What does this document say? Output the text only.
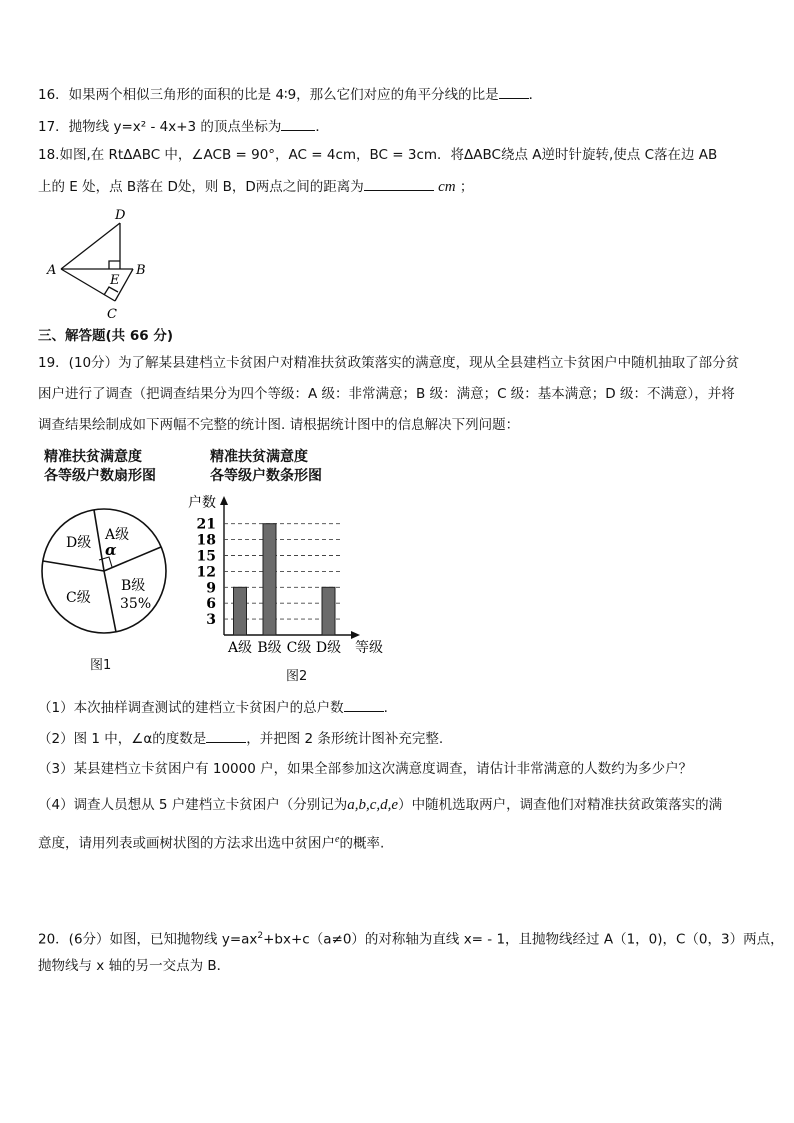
16．如果两个相似三角形的面积的比是 4∶9，那么它们对应的角平分线的比是 ．
17．抛物线 y=x² - 4x+3 的顶点坐标为	．
18.如图,在 RtΔABC 中，∠ACB = 90°，AC = 4cm，BC = 3cm．将ΔABC绕点 A逆时针旋转,使点 C落在边 AB
上的 E 处，点 B落在 D处，则 B，D两点之间的距离为	cm ；
D
A	B
E
C
三、解答题(共 66 分)
19．(10分）为了解某县建档立卡贫困户对精准扶贫政策落实的满意度，现从全县建档立卡贫困户中随机抽取了部分贫
困户进行了调查（把调查结果分为四个等级：A 级：非常满意；B 级：满意；C 级：基本满意；D 级：不满意），并将
调查结果绘制成如下两幅不完整的统计图. 请根据统计图中的信息解决下列问题：
精准扶贫满意度
各等级户数扇形图
精准扶贫满意度
各等级户数条形图
A级
α
B级
35%
C级
D级
图1
户数
3
6
9
12
15
18
21
A级 B级 C级 D级 等级
图2
（1）本次抽样调查测试的建档立卡贫困户的总户数	.
（2）图 1 中，∠α的度数是	，并把图 2 条形统计图补充完整.
（3）某县建档立卡贫困户有 10000 户，如果全部参加这次满意度调查，请估计非常满意的人数约为多少户？
（4）调查人员想从 5 户建档立卡贫困户（分别记为a,b,c,d,e）中随机选取两户，调查他们对精准扶贫政策落实的满
意度，请用列表或画树状图的方法求出选中贫困户$^e$的概率.
20．(6分）如图，已知抛物线 $y=ax^2+bx+c(a\ne 0)$的对称轴为直线 x= - 1，且抛物线经过 A（1，0)，C（0，3）两点，
抛物线与 x 轴的另一交点为 B．
